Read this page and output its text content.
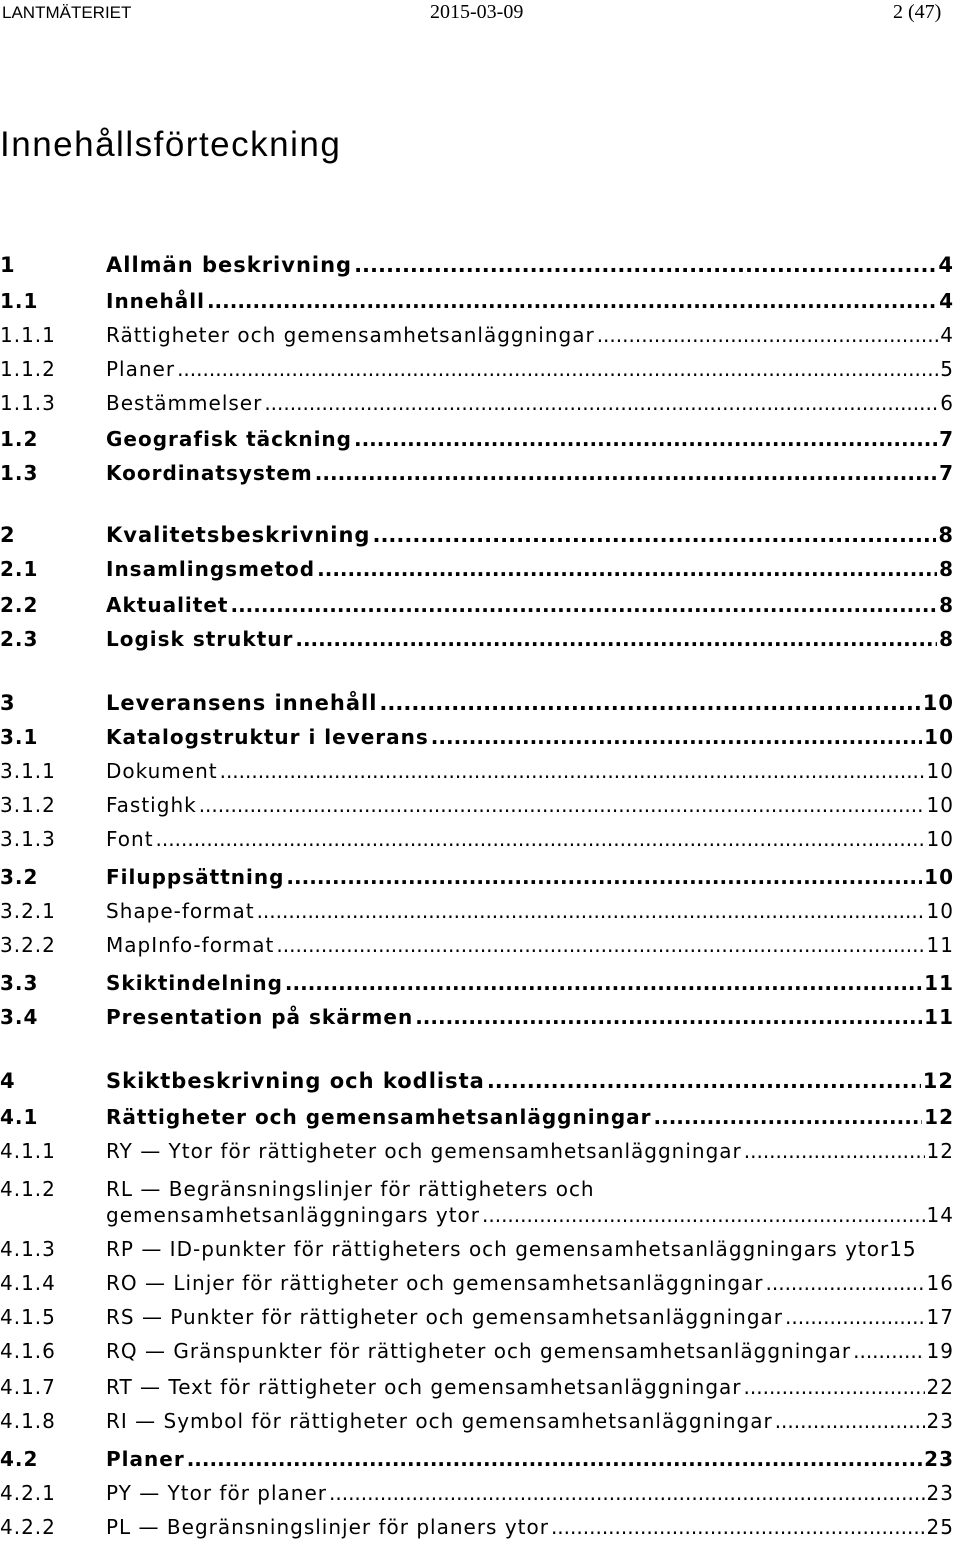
LANTMÄTERIET	2015-03-09	2 (47)
Innehållsförteckning
1	Allmän beskrivning .....	4
1.1	Innehåll .....	4
1.1.1	Rättigheter och gemensamhetsanläggningar .....	4
1.1.2	Planer .....	5
1.1.3	Bestämmelser .....	6
1.2	Geografisk täckning .....	7
1.3	Koordinatsystem .....	7
2	Kvalitetsbeskrivning .....	8
2.1	Insamlingsmetod .....	8
2.2	Aktualitet .....	8
2.3	Logisk struktur .....	8
3	Leveransens innehåll .....	10
3.1	Katalogstruktur i leverans .....	10
3.1.1	Dokument .....	10
3.1.2	Fastighk .....	10
3.1.3	Font .....	10
3.2	Filuppsättning .....	10
3.2.1	Shape-format .....	10
3.2.2	MapInfo-format .....	11
3.3	Skiktindelning .....	11
3.4	Presentation på skärmen .....	11
4	Skiktbeskrivning och kodlista .....	12
4.1	Rättigheter och gemensamhetsanläggningar .....	12
4.1.1	RY — Ytor för rättigheter och gemensamhetsanläggningar .....	12
4.1.2	RL — Begränsningslinjer för rättigheters och
gemensamhetsanläggningars ytor .....	14
4.1.3	RP — ID-punkter för rättigheters och gemensamhetsanläggningars ytor 15
4.1.4	RO — Linjer för rättigheter och gemensamhetsanläggningar .....	16
4.1.5	RS — Punkter för rättigheter och gemensamhetsanläggningar .....	17
4.1.6	RQ — Gränspunkter för rättigheter och gemensamhetsanläggningar .....	19
4.1.7	RT — Text för rättigheter och gemensamhetsanläggningar .....	22
4.1.8	RI — Symbol för rättigheter och gemensamhetsanläggningar .....	23
4.2	Planer .....	23
4.2.1	PY — Ytor för planer .....	23
4.2.2	PL — Begränsningslinjer för planers ytor .....	25
